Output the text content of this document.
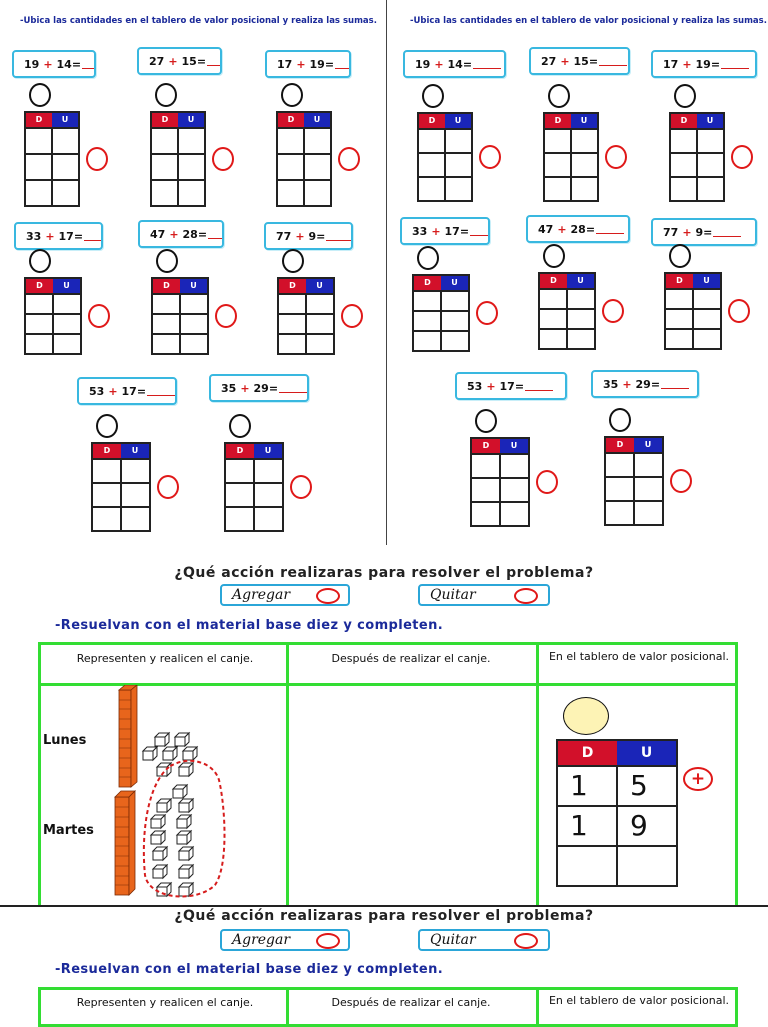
-Ubica las cantidades en el tablero de valor posicional y realiza las sumas.	-Ubica las cantidades en el tablero de valor posicional y realiza las sumas.
19 + 14=
D	U
27 + 15=
D	U
17 + 19=
D	U
33 + 17=
D	U
47 + 28=
D	U
77 + 9=
D	U
53 + 17=
D	U
35 + 29=
D	U
19 + 14=
D	U
27 + 15=
D	U
17 + 19=
D	U
33 + 17=
D	U
47 + 28=
D	U
77 + 9=
D	U
53 + 17=
D	U
35 + 29=
D	U
¿Qué acción realizaras para resolver el problema?
Agregar	Quitar
-Resuelvan con el material base diez y completen.
Representen y realicen el canje.	Después de realizar el canje.	En el tablero de valor posicional.
Lunes
Martes
D	U
1	5
1	9
+
¿Qué acción realizaras para resolver el problema?
Agregar	Quitar
-Resuelvan con el material base diez y completen.
Representen y realicen el canje.	Después de realizar el canje.	En el tablero de valor posicional.
